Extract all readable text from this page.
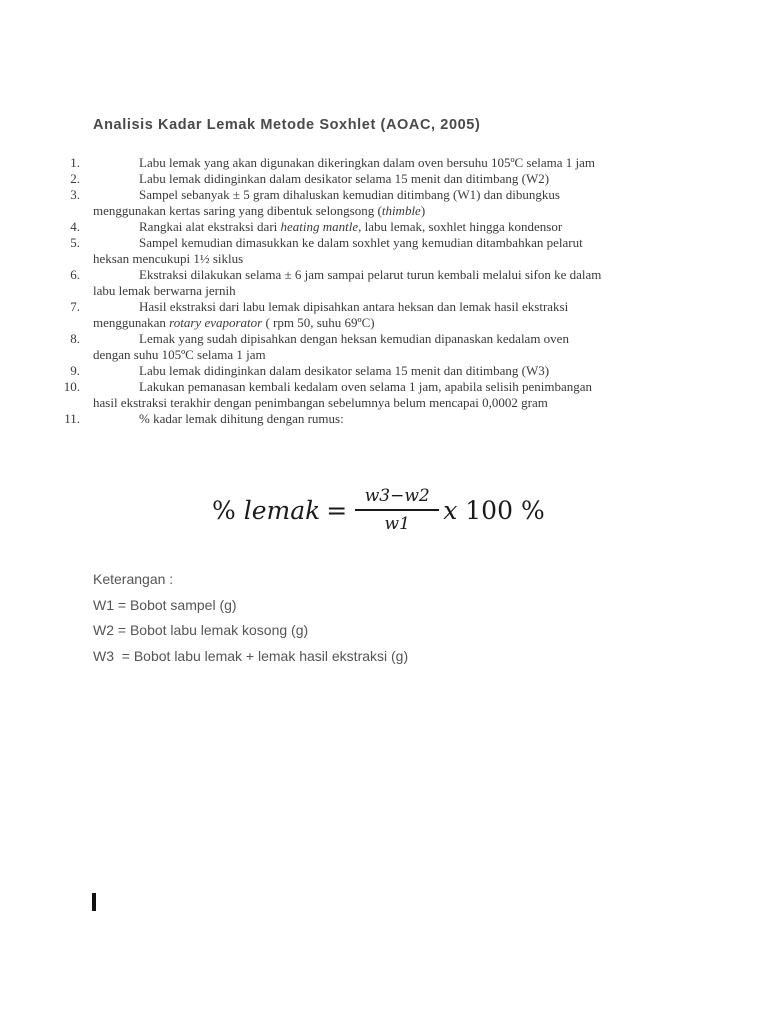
Analisis Kadar Lemak Metode Soxhlet (AOAC, 2005)
1.	Labu lemak yang akan digunakan dikeringkan dalam oven bersuhu 105ºC selama 1 jam
2.	Labu lemak didinginkan dalam desikator selama 15 menit dan ditimbang (W2)
3.	Sampel sebanyak ± 5 gram dihaluskan kemudian ditimbang (W1) dan dibungkus
menggunakan kertas saring yang dibentuk selongsong (thimble)
4.	Rangkai alat ekstraksi dari heating mantle, labu lemak, soxhlet hingga kondensor
5.	Sampel kemudian dimasukkan ke dalam soxhlet yang kemudian ditambahkan pelarut
heksan mencukupi 1½ siklus
6.	Ekstraksi dilakukan selama ± 6 jam sampai pelarut turun kembali melalui sifon ke dalam
labu lemak berwarna jernih
7.	Hasil ekstraksi dari labu lemak dipisahkan antara heksan dan lemak hasil ekstraksi
menggunakan rotary evaporator ( rpm 50, suhu 69ºC)
8.	Lemak yang sudah dipisahkan dengan heksan kemudian dipanaskan kedalam oven
dengan suhu 105ºC selama 1 jam
9.	Labu lemak didinginkan dalam desikator selama 15 menit dan ditimbang (W3)
10.	Lakukan pemanasan kembali kedalam oven selama 1 jam, apabila selisih penimbangan
hasil ekstraksi terakhir dengan penimbangan sebelumnya belum mencapai 0,0002 gram
11.	% kadar lemak dihitung dengan rumus:
% lemak = $\frac{w3-w2}{w1}$ x 100 %
Keterangan :
W1 = Bobot sampel (g)
W2 = Bobot labu lemak kosong (g)
W3  = Bobot labu lemak + lemak hasil ekstraksi (g)
